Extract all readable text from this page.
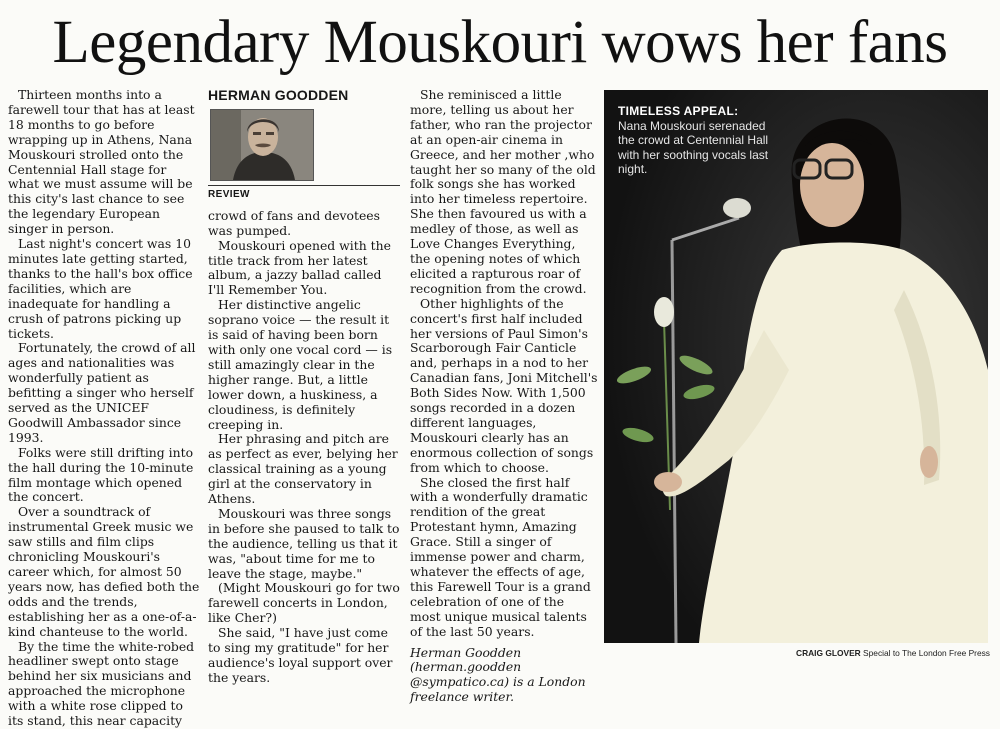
Legendary Mouskouri wows her fans

Thirteen months into a farewell tour that has at least 18 months to go before wrapping up in Athens, Nana Mouskouri strolled onto the Centennial Hall stage for what we must assume will be this city's last chance to see the legendary European singer in person.

Last night's concert was 10 minutes late getting started, thanks to the hall's box office facilities, which are inadequate for handling a crush of patrons picking up tickets.

Fortunately, the crowd of all ages and nationalities was wonderfully patient as befitting a singer who herself served as the UNICEF Goodwill Ambassador since 1993.

Folks were still drifting into the hall during the 10-minute film montage which opened the concert.

Over a soundtrack of instrumental Greek music we saw stills and film clips chronicling Mouskouri's career which, for almost 50 years now, has defied both the odds and the trends, establishing her as a one-of-a-kind chanteuse to the world.

By the time the white-robed headliner swept onto stage behind her six musicians and approached the microphone with a white rose clipped to its stand, this near capacity

HERMAN GOODDEN
REVIEW

crowd of fans and devotees was pumped.

Mouskouri opened with the title track from her latest album, a jazzy ballad called I'll Remember You.

Her distinctive angelic soprano voice — the result it is said of having been born with only one vocal cord — is still amazingly clear in the higher range. But, a little lower down, a huskiness, a cloudiness, is definitely creeping in.

Her phrasing and pitch are as perfect as ever, belying her classical training as a young girl at the conservatory in Athens.

Mouskouri was three songs in before she paused to talk to the audience, telling us that it was, "about time for me to leave the stage, maybe."

(Might Mouskouri go for two farewell concerts in London, like Cher?)

She said, "I have just come to sing my gratitude" for her audience's loyal support over the years.

She reminisced a little more, telling us about her father, who ran the projector at an open-air cinema in Greece, and her mother ,who taught her so many of the old folk songs she has worked into her timeless repertoire. She then favoured us with a medley of those, as well as Love Changes Everything, the opening notes of which elicited a rapturous roar of recognition from the crowd.

Other highlights of the concert's first half included her versions of Paul Simon's Scarborough Fair Canticle and, perhaps in a nod to her Canadian fans, Joni Mitchell's Both Sides Now. With 1,500 songs recorded in a dozen different languages, Mouskouri clearly has an enormous collection of songs from which to choose.

She closed the first half with a wonderfully dramatic rendition of the great Protestant hymn, Amazing Grace. Still a singer of immense power and charm, whatever the effects of age, this Farewell Tour is a grand celebration of one of the most unique musical talents of the last 50 years.

Herman Goodden (herman.goodden @sympatico.ca) is a London freelance writer.

TIMELESS APPEAL:
Nana Mouskouri serenaded the crowd at Centennial Hall with her soothing vocals last night.
CRAIG GLOVER Special to The London Free Press
